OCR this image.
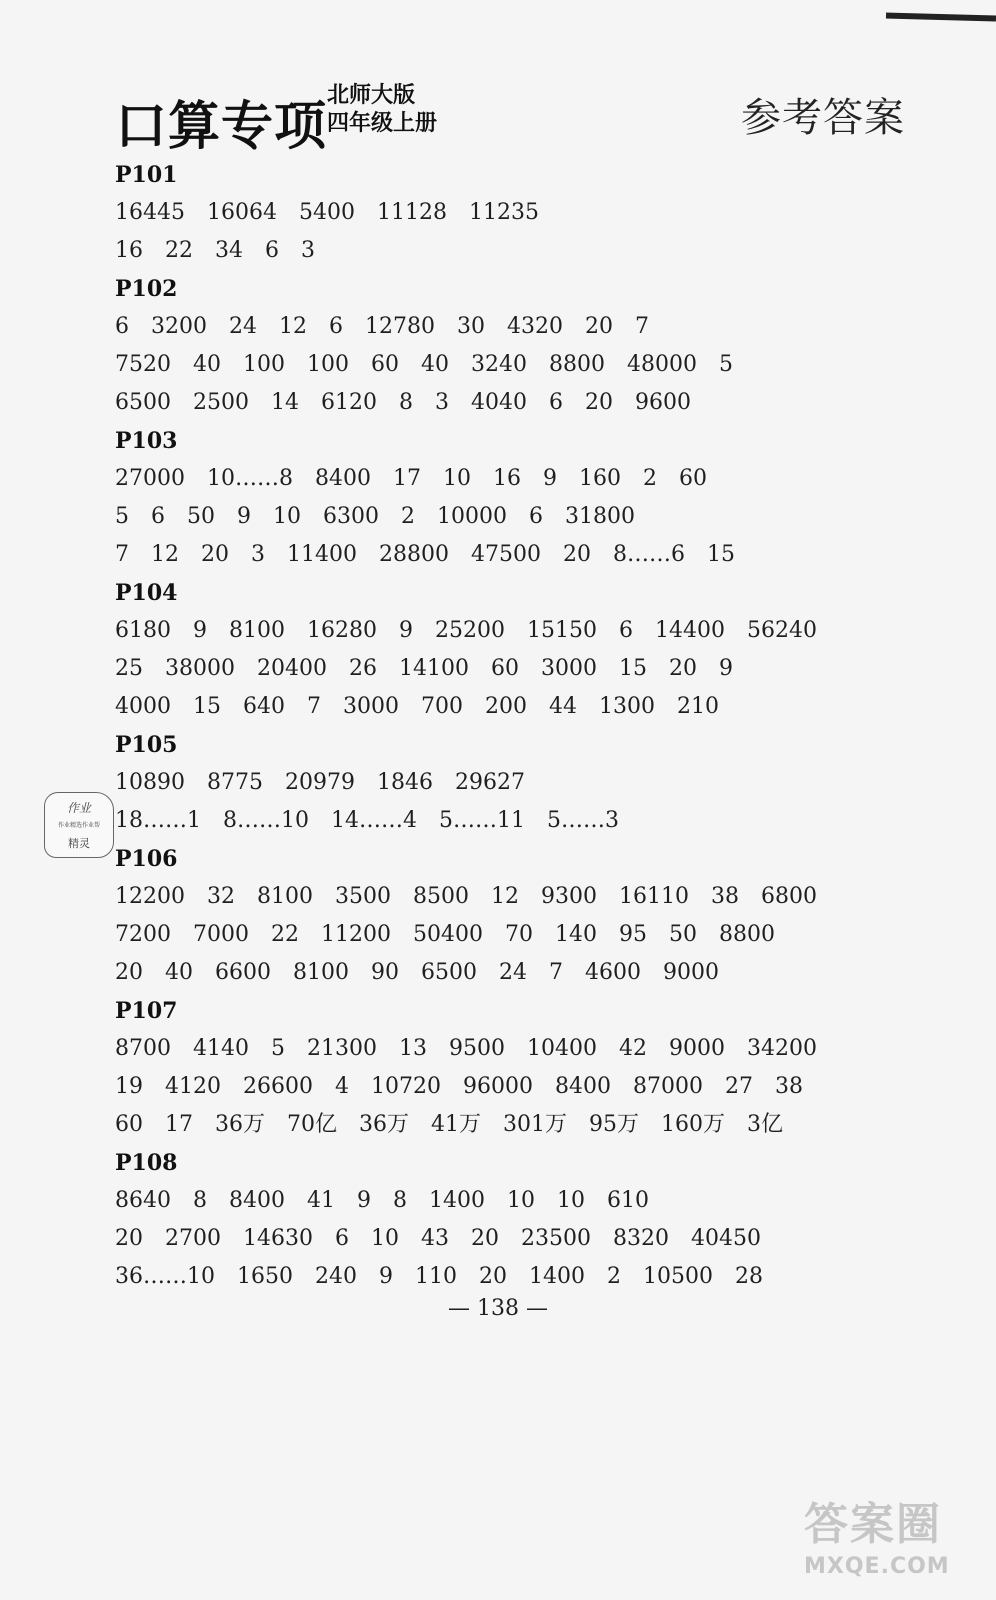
口算专项
北师大版
四年级上册	参考答案
作业
作业精选作业帮
精灵
P101
16445 16064 5400 11128 11235
16 22 34 6 3
P102
6 3200 24 12 6 12780 30 4320 20 7
7520 40 100 100 60 40 3240 8800 48000 5
6500 2500 14 6120 8 3 4040 6 20 9600
P103
27000 10……8 8400 17 10 16 9 160 2 60
5 6 50 9 10 6300 2 10000 6 31800
7 12 20 3 11400 28800 47500 20 8……6 15
P104
6180 9 8100 16280 9 25200 15150 6 14400 56240
25 38000 20400 26 14100 60 3000 15 20 9
4000 15 640 7 3000 700 200 44 1300 210
P105
10890 8775 20979 1846 29627
18……1 8……10 14……4 5……11 5……3
P106
12200 32 8100 3500 8500 12 9300 16110 38 6800
7200 7000 22 11200 50400 70 140 95 50 8800
20 40 6600 8100 90 6500 24 7 4600 9000
P107
8700 4140 5 21300 13 9500 10400 42 9000 34200
19 4120 26600 4 10720 96000 8400 87000 27 38
60 17 36万 70亿 36万 41万 301万 95万 160万 3亿
P108
8640 8 8400 41 9 8 1400 10 10 610
20 2700 14630 6 10 43 20 23500 8320 40450
36……10 1650 240 9 110 20 1400 2 10500 28
— 138 —
答案圈
MXQE.COM
